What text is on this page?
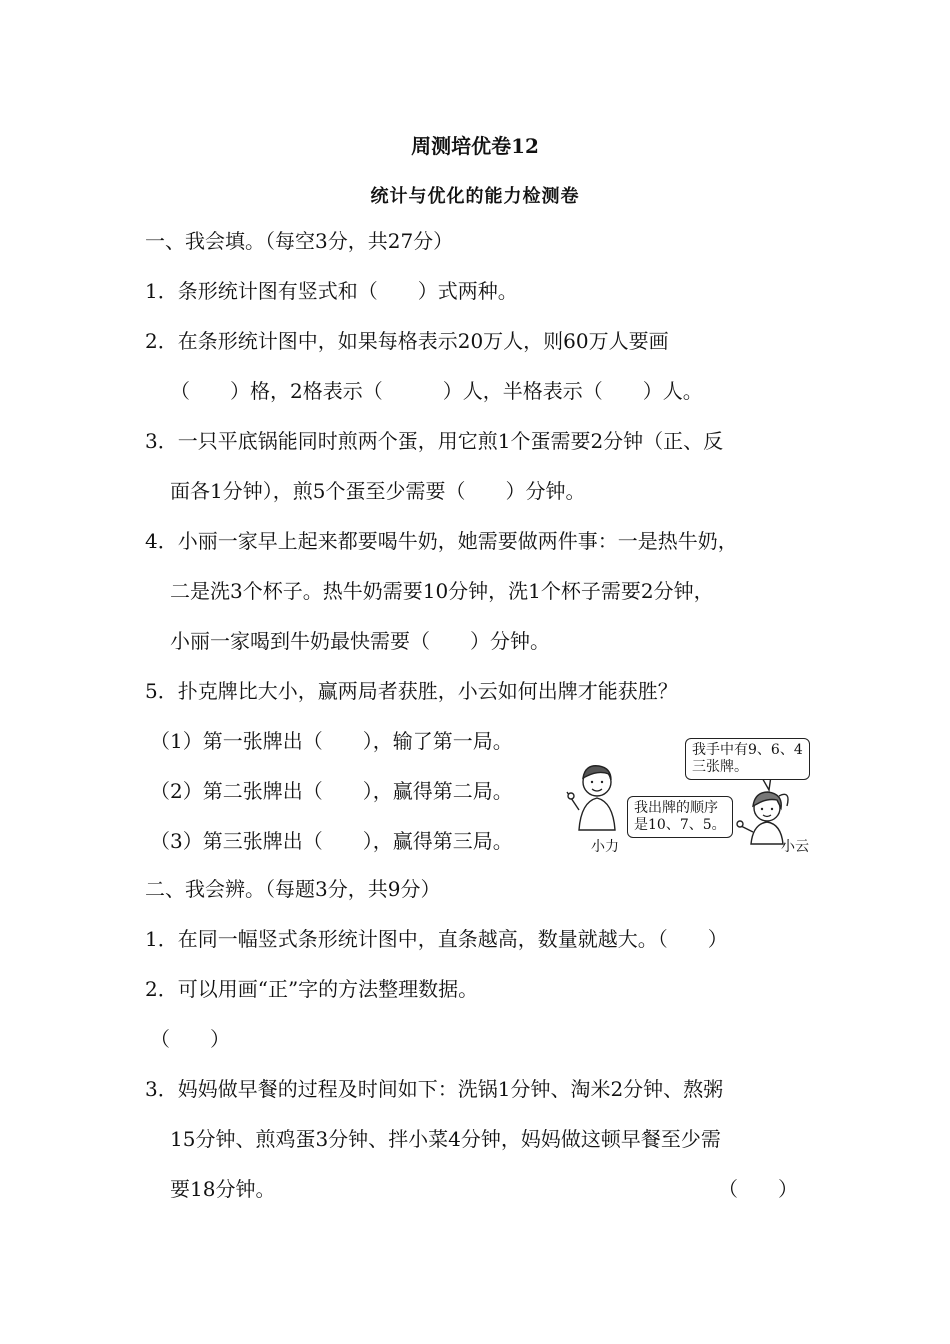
周测培优卷12
统计与优化的能力检测卷
一、我会填。（每空3分，共27分）
1．条形统计图有竖式和（　　）式两种。
2．在条形统计图中，如果每格表示20万人，则60万人要画
（　　）格，2格表示（　　　）人，半格表示（　　）人。
3．一只平底锅能同时煎两个蛋，用它煎1个蛋需要2分钟（正、反
面各1分钟），煎5个蛋至少需要（　　）分钟。
4．小丽一家早上起来都要喝牛奶，她需要做两件事：一是热牛奶，
二是洗3个杯子。热牛奶需要10分钟，洗1个杯子需要2分钟，
小丽一家喝到牛奶最快需要（　　）分钟。
5．扑克牌比大小，赢两局者获胜，小云如何出牌才能获胜？
（1）第一张牌出（　　），输了第一局。
（2）第二张牌出（　　），赢得第二局。
（3）第三张牌出（　　），赢得第三局。
我手中有9、6、4
三张牌。
我出牌的顺序
是10、7、5。
小力	小云
二、我会辨。（每题3分，共9分）
1．在同一幅竖式条形统计图中，直条越高，数量就越大。（　　）
2．可以用画“正”字的方法整理数据。
（　　）
3．妈妈做早餐的过程及时间如下：洗锅1分钟、淘米2分钟、熬粥
15分钟、煎鸡蛋3分钟、拌小菜4分钟，妈妈做这顿早餐至少需
要18分钟。	（　　）
